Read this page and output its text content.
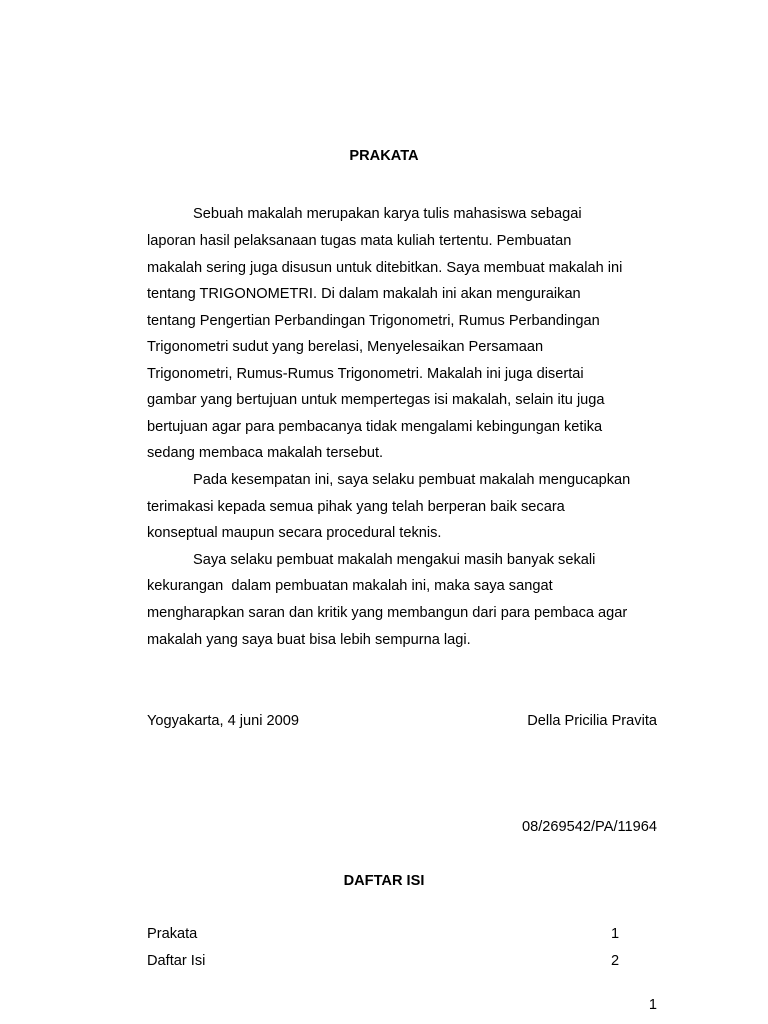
PRAKATA
Sebuah makalah merupakan karya tulis mahasiswa sebagai
laporan hasil pelaksanaan tugas mata kuliah tertentu. Pembuatan
makalah sering juga disusun untuk ditebitkan. Saya membuat makalah ini
tentang TRIGONOMETRI. Di dalam makalah ini akan menguraikan
tentang Pengertian Perbandingan Trigonometri, Rumus Perbandingan
Trigonometri sudut yang berelasi, Menyelesaikan Persamaan
Trigonometri, Rumus-Rumus Trigonometri. Makalah ini juga disertai
gambar yang bertujuan untuk mempertegas isi makalah, selain itu juga
bertujuan agar para pembacanya tidak mengalami kebingungan ketika
sedang membaca makalah tersebut.
Pada kesempatan ini, saya selaku pembuat makalah mengucapkan
terimakasi kepada semua pihak yang telah berperan baik secara
konseptual maupun secara procedural teknis.
Saya selaku pembuat makalah mengakui masih banyak sekali
kekurangan  dalam pembuatan makalah ini, maka saya sangat
mengharapkan saran dan kritik yang membangun dari para pembaca agar
makalah yang saya buat bisa lebih sempurna lagi.
Yogyakarta, 4 juni 2009	Della Pricilia Pravita
08/269542/PA/11964
DAFTAR ISI
Prakata	1
Daftar Isi	2
1
